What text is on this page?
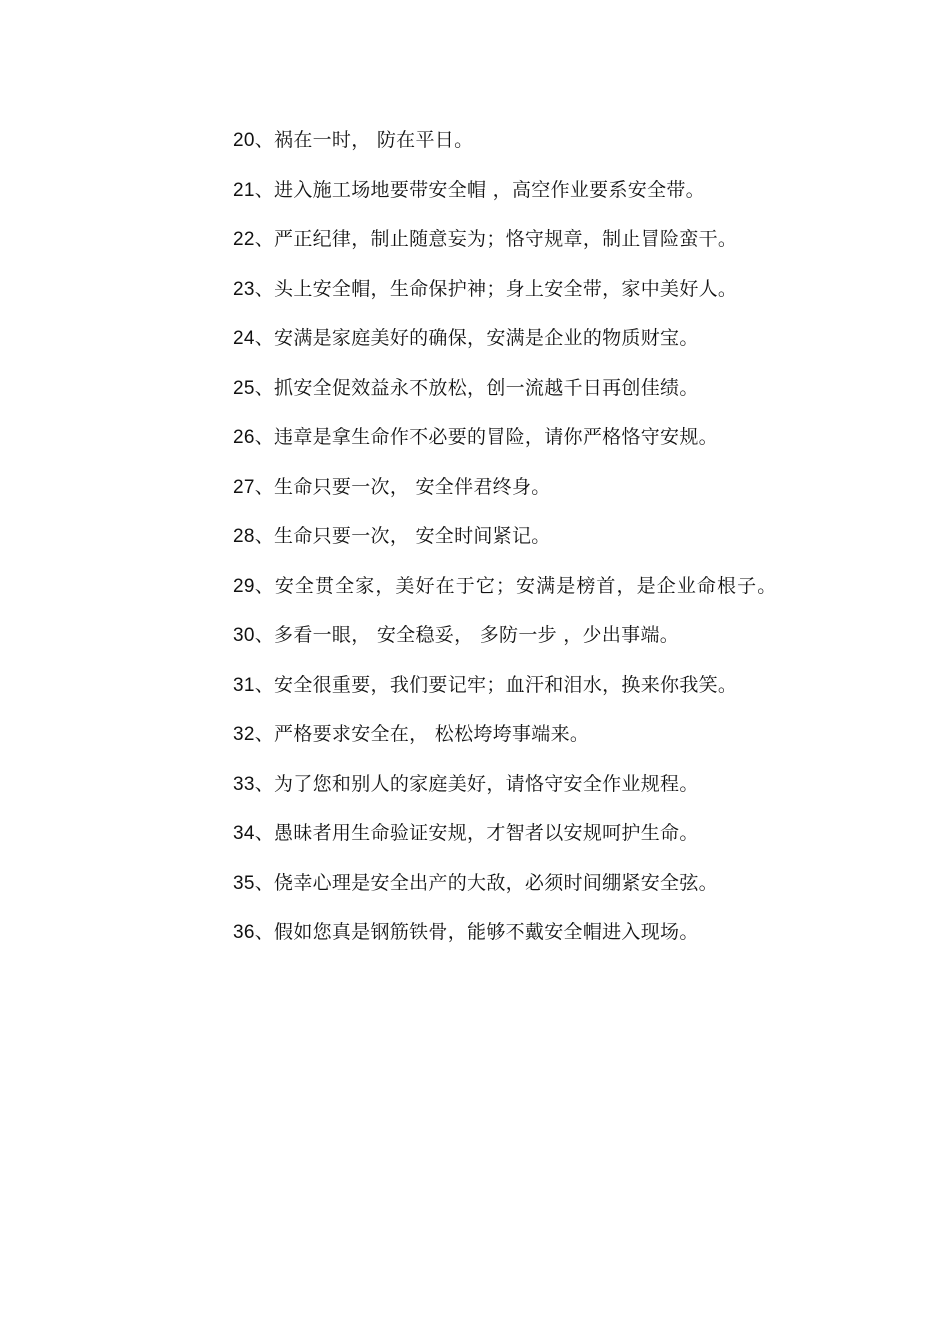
20、祸在一时， 防在平日。
21、进入施工场地要带安全帽 ，高空作业要系安全带。
22、严正纪律，制止随意妄为；恪守规章，制止冒险蛮干。
23、头上安全帽，生命保护神；身上安全带，家中美好人。
24、安满是家庭美好的确保，安满是企业的物质财宝。
25、抓安全促效益永不放松，创一流越千日再创佳绩。
26、违章是拿生命作不必要的冒险，请你严格恪守安规。
27、生命只要一次， 安全伴君终身。
28、生命只要一次， 安全时间紧记。
29、安全贯全家，美好在于它；安满是榜首，是企业命根子。
30、多看一眼， 安全稳妥， 多防一步 ，少出事端。
31、安全很重要，我们要记牢；血汗和泪水，换来你我笑。
32、严格要求安全在， 松松垮垮事端来。
33、为了您和别人的家庭美好，请恪守安全作业规程。
34、愚昧者用生命验证安规，才智者以安规呵护生命。
35、侥幸心理是安全出产的大敌，必须时间绷紧安全弦。
36、假如您真是钢筋铁骨，能够不戴安全帽进入现场。
